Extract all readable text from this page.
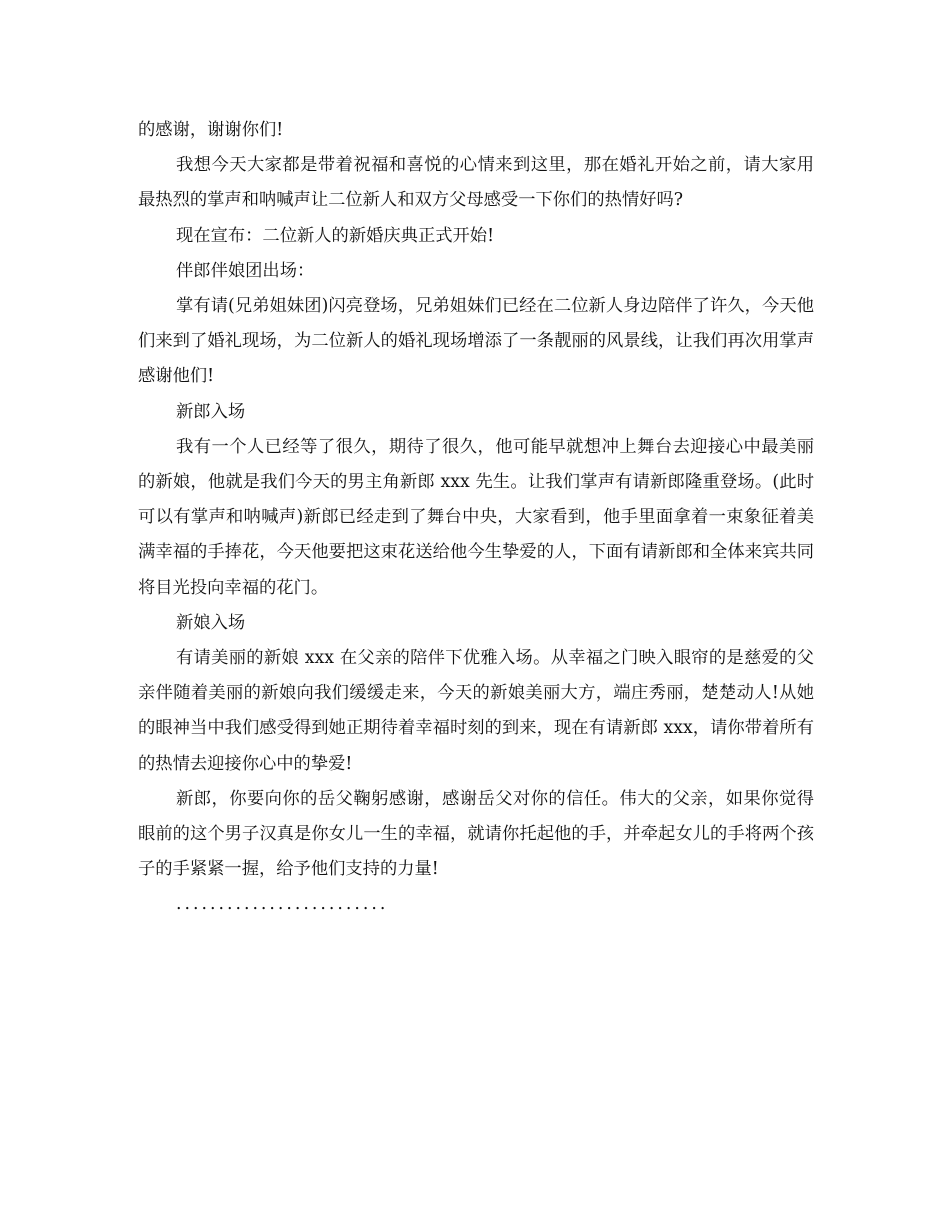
的感谢，谢谢你们!

我想今天大家都是带着祝福和喜悦的心情来到这里，那在婚礼开始之前，请大家用最热烈的掌声和呐喊声让二位新人和双方父母感受一下你们的热情好吗?

现在宣布：二位新人的新婚庆典正式开始!

伴郎伴娘团出场：

掌有请(兄弟姐妹团)闪亮登场，兄弟姐妹们已经在二位新人身边陪伴了许久，今天他们来到了婚礼现场，为二位新人的婚礼现场增添了一条靓丽的风景线，让我们再次用掌声感谢他们!

新郎入场

我有一个人已经等了很久，期待了很久，他可能早就想冲上舞台去迎接心中最美丽的新娘，他就是我们今天的男主角新郎 xxx 先生。让我们掌声有请新郎隆重登场。(此时可以有掌声和呐喊声)新郎已经走到了舞台中央，大家看到，他手里面拿着一束象征着美满幸福的手捧花，今天他要把这束花送给他今生挚爱的人，下面有请新郎和全体来宾共同将目光投向幸福的花门。

新娘入场

有请美丽的新娘 xxx 在父亲的陪伴下优雅入场。从幸福之门映入眼帘的是慈爱的父亲伴随着美丽的新娘向我们缓缓走来，今天的新娘美丽大方，端庄秀丽，楚楚动人!从她的眼神当中我们感受得到她正期待着幸福时刻的到来，现在有请新郎 xxx，请你带着所有的热情去迎接你心中的挚爱!

新郎，你要向你的岳父鞠躬感谢，感谢岳父对你的信任。伟大的父亲，如果你觉得眼前的这个男子汉真是你女儿一生的幸福，就请你托起他的手，并牵起女儿的手将两个孩子的手紧紧一握，给予他们支持的力量!

.........................
